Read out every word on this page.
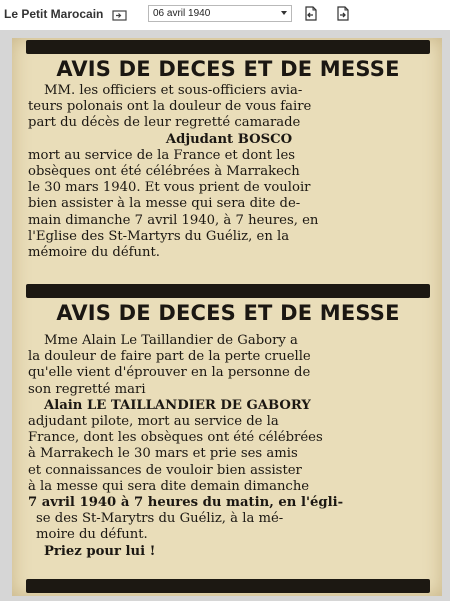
Le Petit Marocain	06 avril 1940
AVIS DE DECES ET DE MESSE
MM. les officiers et sous-officiers avia-
teurs polonais ont la douleur de vous faire
part du décès de leur regretté camarade
Adjudant BOSCO
mort au service de la France et dont les
obsèques ont été célébrées à Marrakech
le 30 mars 1940. Et vous prient de vouloir
bien assister à la messe qui sera dite de-
main dimanche 7 avril 1940, à 7 heures, en
l'Eglise des St-Martyrs du Guéliz, en la
mémoire du défunt.
AVIS DE DECES ET DE MESSE
Mme Alain Le Taillandier de Gabory a
la douleur de faire part de la perte cruelle
qu'elle vient d'éprouver en la personne de
son regretté mari
Alain LE TAILLANDIER DE GABORY
adjudant pilote, mort au service de la
France, dont les obsèques ont été célébrées
à Marrakech le 30 mars et prie ses amis
et connaissances de vouloir bien assister
à la messe qui sera dite demain dimanche
7 avril 1940 à 7 heures du matin, en l'égli-
se des St-Marytrs du Guéliz, à la mé-
moire du défunt.
Priez pour lui !
